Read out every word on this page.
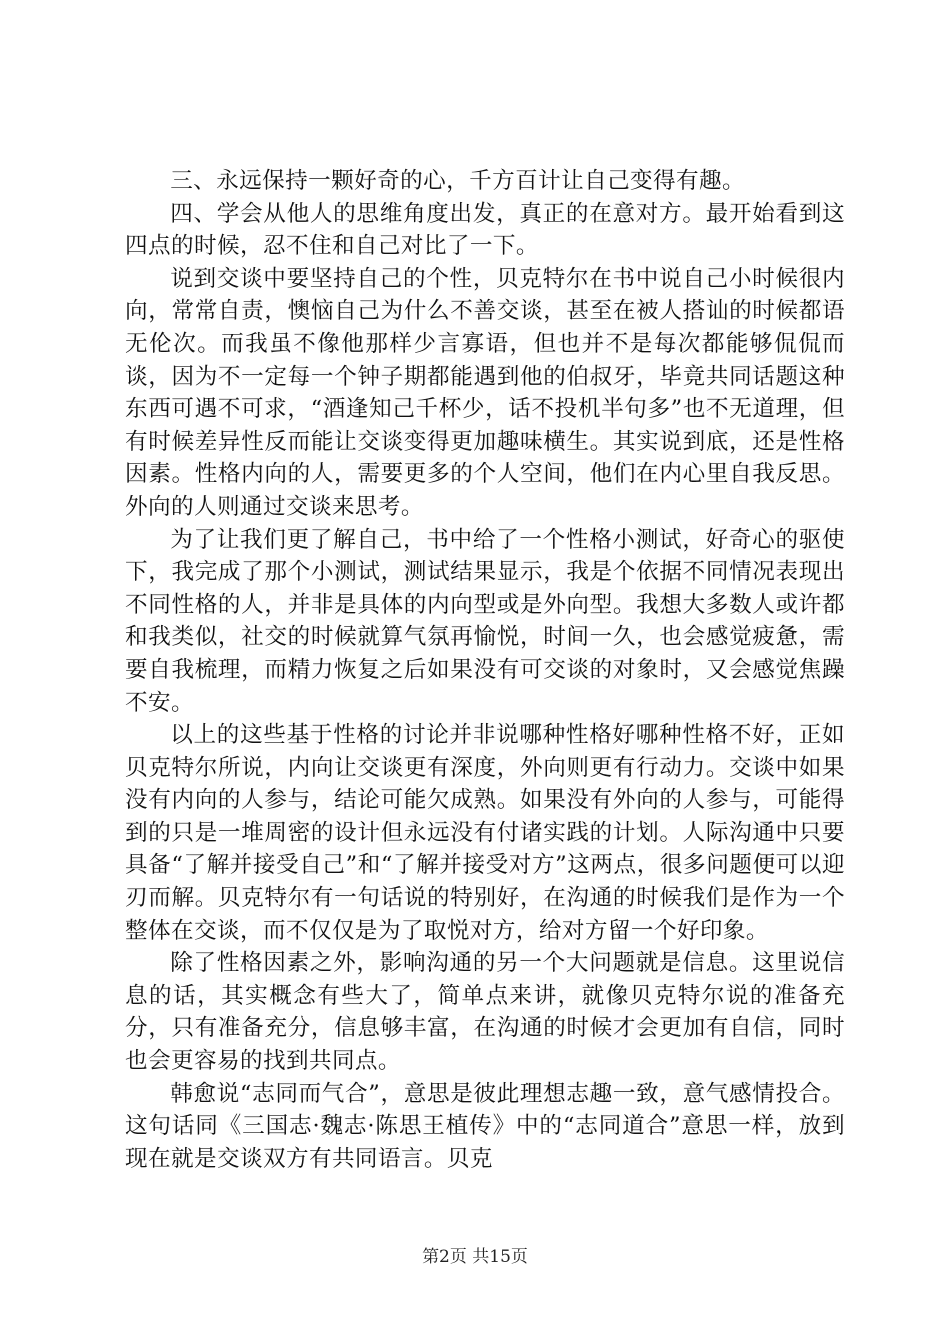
三、永远保持一颗好奇的心，千方百计让自己变得有趣。

四、学会从他人的思维角度出发，真正的在意对方。最开始看到这四点的时候，忍不住和自己对比了一下。

说到交谈中要坚持自己的个性，贝克特尔在书中说自己小时候很内向，常常自责，懊恼自己为什么不善交谈，甚至在被人搭讪的时候都语无伦次。而我虽不像他那样少言寡语，但也并不是每次都能够侃侃而谈，因为不一定每一个钟子期都能遇到他的伯叔牙，毕竟共同话题这种东西可遇不可求，“酒逢知己千杯少，话不投机半句多”也不无道理，但有时候差异性反而能让交谈变得更加趣味横生。其实说到底，还是性格因素。性格内向的人，需要更多的个人空间，他们在内心里自我反思。外向的人则通过交谈来思考。

为了让我们更了解自己，书中给了一个性格小测试，好奇心的驱使下，我完成了那个小测试，测试结果显示，我是个依据不同情况表现出不同性格的人，并非是具体的内向型或是外向型。我想大多数人或许都和我类似，社交的时候就算气氛再愉悦，时间一久，也会感觉疲惫，需要自我梳理，而精力恢复之后如果没有可交谈的对象时，又会感觉焦躁不安。

以上的这些基于性格的讨论并非说哪种性格好哪种性格不好，正如贝克特尔所说，内向让交谈更有深度，外向则更有行动力。交谈中如果没有内向的人参与，结论可能欠成熟。如果没有外向的人参与，可能得到的只是一堆周密的设计但永远没有付诸实践的计划。人际沟通中只要具备“了解并接受自己”和“了解并接受对方”这两点，很多问题便可以迎刃而解。贝克特尔有一句话说的特别好，在沟通的时候我们是作为一个整体在交谈，而不仅仅是为了取悦对方，给对方留一个好印象。

除了性格因素之外，影响沟通的另一个大问题就是信息。这里说信息的话，其实概念有些大了，简单点来讲，就像贝克特尔说的准备充分，只有准备充分，信息够丰富，在沟通的时候才会更加有自信，同时也会更容易的找到共同点。

韩愈说“志同而气合”，意思是彼此理想志趣一致，意气感情投合。这句话同《三国志·魏志·陈思王植传》中的“志同道合”意思一样，放到现在就是交谈双方有共同语言。贝克

第2页 共15页
